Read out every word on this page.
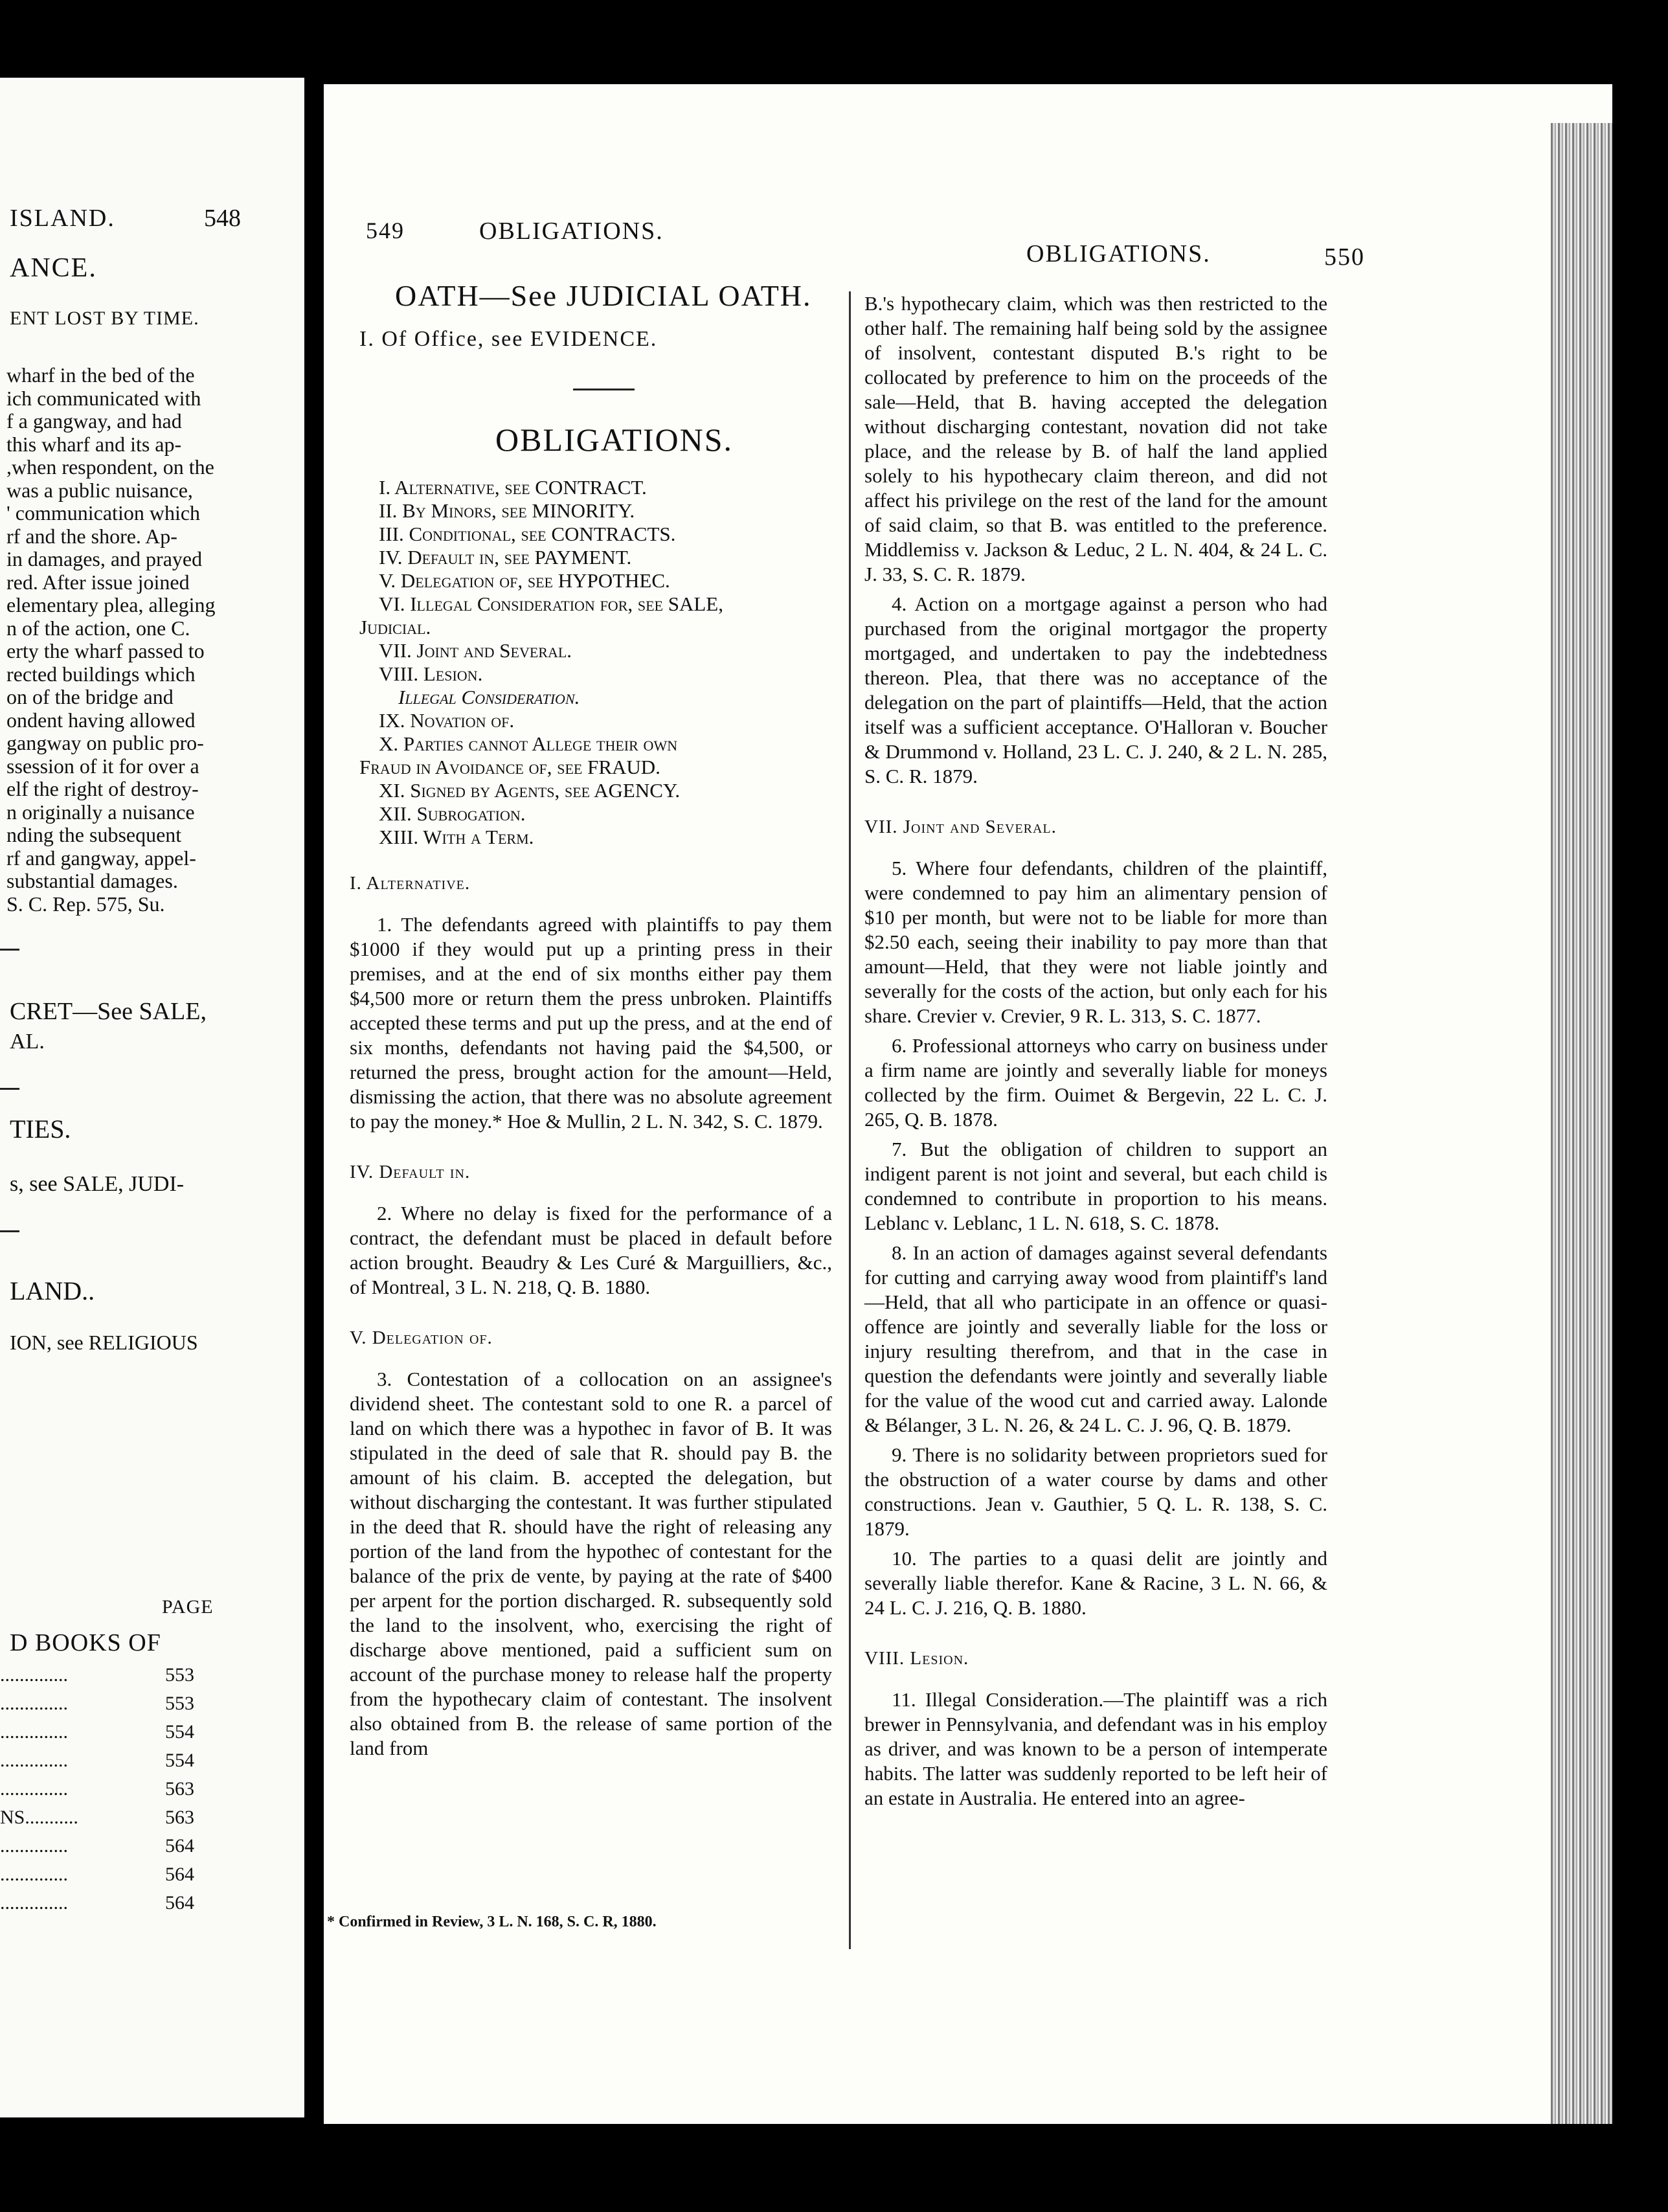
ISLAND.	548
ANCE.
ENT LOST BY TIME.
wharf in the bed of the
ich communicated with
f a gangway, and had
this wharf and its ap-
,when respondent, on the
was a public nuisance,
' communication which
rf and the shore. Ap-
in damages, and prayed
red. After issue joined
elementary plea, alleging
n of the action, one C.
erty the wharf passed to
rected buildings which
on of the bridge and
ondent having allowed
gangway on public pro-
ssession of it for over a
elf the right of destroy-
n originally a nuisance
nding the subsequent
rf and gangway, appel-
substantial damages.
S. C. Rep. 575, Su.
CRET—See SALE,
AL.
TIES.
s, see SALE, JUDI-
LAND..
ION, see RELIGIOUS
PAGE
D BOOKS OF
..............	553
..............	553
..............	554
..............	554
..............	563
NS...........	563
..............	564
..............	564
..............	564
549	OBLIGATIONS.
OBLIGATIONS.	550
OATH—See JUDICIAL OATH.
I. Of Office, see EVIDENCE.
OBLIGATIONS.
I. Alternative, see CONTRACT.
II. By Minors, see MINORITY.
III. Conditional, see CONTRACTS.
IV. Default in, see PAYMENT.
V. Delegation of, see HYPOTHEC.
VI. Illegal Consideration for, see SALE,
Judicial.
VII. Joint and Several.
VIII. Lesion.
Illegal Consideration.
IX. Novation of.
X. Parties cannot Allege their own
Fraud in Avoidance of, see FRAUD.
XI. Signed by Agents, see AGENCY.
XII. Subrogation.
XIII. With a Term.

I. Alternative.

1. The defendants agreed with plaintiffs to pay them $1000 if they would put up a printing press in their premises, and at the end of six months either pay them $4,500 more or return them the press unbroken. Plaintiffs accepted these terms and put up the press, and at the end of six months, defendants not having paid the $4,500, or returned the press, brought action for the amount—Held, dismissing the action, that there was no absolute agreement to pay the money.* Hoe & Mullin, 2 L. N. 342, S. C. 1879.

IV. Default in.

2. Where no delay is fixed for the performance of a contract, the defendant must be placed in default before action brought. Beaudry & Les Curé & Marguilliers, &c., of Montreal, 3 L. N. 218, Q. B. 1880.

V. Delegation of.

3. Contestation of a collocation on an assignee's dividend sheet. The contestant sold to one R. a parcel of land on which there was a hypothec in favor of B. It was stipulated in the deed of sale that R. should pay B. the amount of his claim. B. accepted the delegation, but without discharging the contestant. It was further stipulated in the deed that R. should have the right of releasing any portion of the land from the hypothec of contestant for the balance of the prix de vente, by paying at the rate of $400 per arpent for the portion discharged. R. subsequently sold the land to the insolvent, who, exercising the right of discharge above mentioned, paid a sufficient sum on account of the purchase money to release half the property from the hypothecary claim of contestant. The insolvent also obtained from B. the release of same portion of the land from

* Confirmed in Review, 3 L. N. 168, S. C. R, 1880.

B.'s hypothecary claim, which was then restricted to the other half. The remaining half being sold by the assignee of insolvent, contestant disputed B.'s right to be collocated by preference to him on the proceeds of the sale—Held, that B. having accepted the delegation without discharging contestant, novation did not take place, and the release by B. of half the land applied solely to his hypothecary claim thereon, and did not affect his privilege on the rest of the land for the amount of said claim, so that B. was entitled to the preference. Middlemiss v. Jackson & Leduc, 2 L. N. 404, & 24 L. C. J. 33, S. C. R. 1879.

4. Action on a mortgage against a person who had purchased from the original mortgagor the property mortgaged, and undertaken to pay the indebtedness thereon. Plea, that there was no acceptance of the delegation on the part of plaintiffs—Held, that the action itself was a sufficient acceptance. O'Halloran v. Boucher & Drummond v. Holland, 23 L. C. J. 240, & 2 L. N. 285, S. C. R. 1879.

VII. Joint and Several.

5. Where four defendants, children of the plaintiff, were condemned to pay him an alimentary pension of $10 per month, but were not to be liable for more than $2.50 each, seeing their inability to pay more than that amount—Held, that they were not liable jointly and severally for the costs of the action, but only each for his share. Crevier v. Crevier, 9 R. L. 313, S. C. 1877.

6. Professional attorneys who carry on business under a firm name are jointly and severally liable for moneys collected by the firm. Ouimet & Bergevin, 22 L. C. J. 265, Q. B. 1878.

7. But the obligation of children to support an indigent parent is not joint and several, but each child is condemned to contribute in proportion to his means. Leblanc v. Leblanc, 1 L. N. 618, S. C. 1878.

8. In an action of damages against several defendants for cutting and carrying away wood from plaintiff's land—Held, that all who participate in an offence or quasi-offence are jointly and severally liable for the loss or injury resulting therefrom, and that in the case in question the defendants were jointly and severally liable for the value of the wood cut and carried away. Lalonde & Bélanger, 3 L. N. 26, & 24 L. C. J. 96, Q. B. 1879.

9. There is no solidarity between proprietors sued for the obstruction of a water course by dams and other constructions. Jean v. Gauthier, 5 Q. L. R. 138, S. C. 1879.

10. The parties to a quasi delit are jointly and severally liable therefor. Kane & Racine, 3 L. N. 66, & 24 L. C. J. 216, Q. B. 1880.

VIII. Lesion.

11. Illegal Consideration.—The plaintiff was a rich brewer in Pennsylvania, and defendant was in his employ as driver, and was known to be a person of intemperate habits. The latter was suddenly reported to be left heir of an estate in Australia. He entered into an agree-
